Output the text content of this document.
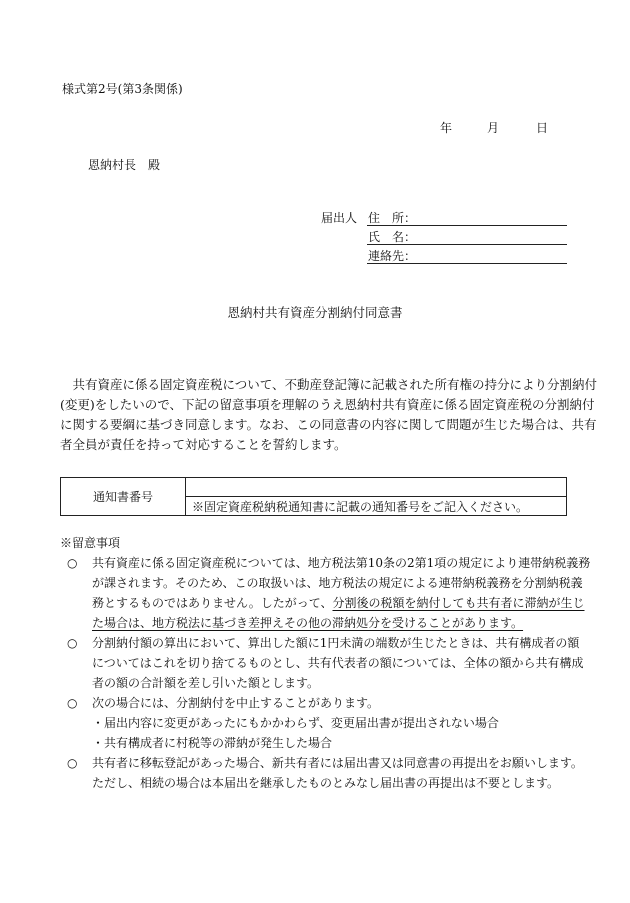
様式第2号(第3条関係)
年	月	日
恩納村長　殿
届出人 住　所：
氏　名：
連絡先：
恩納村共有資産分割納付同意書
　共有資産に係る固定資産税について、不動産登記簿に記載された所有権の持分により分割納付
(変更)をしたいので、下記の留意事項を理解のうえ恩納村共有資産に係る固定資産税の分割納付
に関する要綱に基づき同意します。なお、この同意書の内容に関して問題が生じた場合は、共有
者全員が責任を持って対応することを誓約します。
通知書番号	
※固定資産税納税通知書に記載の通知番号をご記入ください。
※留意事項
○ 共有資産に係る固定資産税については、地方税法第10条の2第1項の規定により連帯納税義務
が課されます。そのため、この取扱いは、地方税法の規定による連帯納税義務を分割納税義
務とするものではありません。したがって、分割後の税額を納付しても共有者に滞納が生じ
た場合は、地方税法に基づき差押えその他の滞納処分を受けることがあります。
○ 分割納付額の算出において、算出した額に1円未満の端数が生じたときは、共有構成者の額
についてはこれを切り捨てるものとし、共有代表者の額については、全体の額から共有構成
者の額の合計額を差し引いた額とします。
○ 次の場合には、分割納付を中止することがあります。
・届出内容に変更があったにもかかわらず、変更届出書が提出されない場合
・共有構成者に村税等の滞納が発生した場合
○ 共有者に移転登記があった場合、新共有者には届出書又は同意書の再提出をお願いします。
ただし、相続の場合は本届出を継承したものとみなし届出書の再提出は不要とします。
